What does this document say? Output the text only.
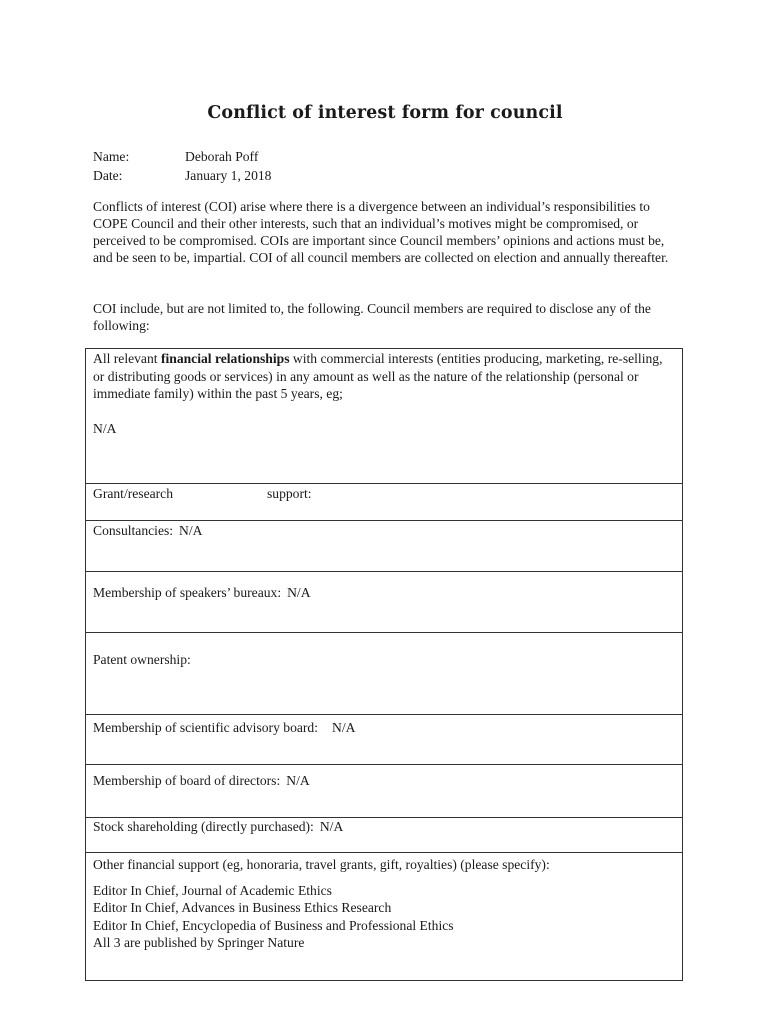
Conflict of interest form for council
Name:	Deborah Poff
Date:	January 1, 2018
Conflicts of interest (COI) arise where there is a divergence between an individual’s responsibilities to COPE Council and their other interests, such that an individual’s motives might be compromised, or perceived to be compromised. COIs are important since Council members’ opinions and actions must be, and be seen to be, impartial. COI of all council members are collected on election and annually thereafter.
COI include, but are not limited to, the following. Council members are required to disclose any of the following:
All relevant financial relationships with commercial interests (entities producing, marketing, re-selling, or distributing goods or services) in any amount as well as the nature of the relationship (personal or immediate family) within the past 5 years, eg;
N/A
Grant/research	support:
Consultancies: N/A
Membership of speakers’ bureaux: N/A
Patent ownership:
Membership of scientific advisory board: N/A
Membership of board of directors: N/A
Stock shareholding (directly purchased): N/A

Other financial support (eg, honoraria, travel grants, gift, royalties) (please specify):
Editor In Chief, Journal of Academic Ethics
Editor In Chief, Advances in Business Ethics Research
Editor In Chief, Encyclopedia of Business and Professional Ethics
All 3 are published by Springer Nature
